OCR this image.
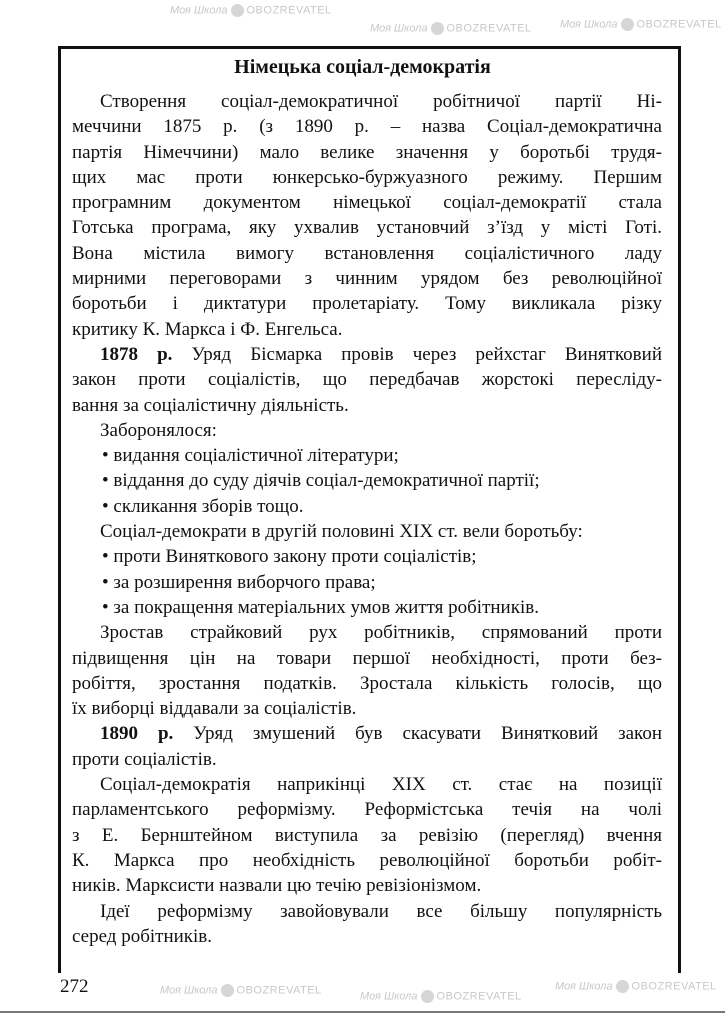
Моя Школа OBOZREVATEL
Моя Школа OBOZREVATEL
Моя Школа OBOZREVATEL
Моя Школа OBOZREVATEL	Моя Школа OBOZREVATEL
Моя Школа OBOZREVATEL
Німецька соціал-демократія
Створення соціал-демократичної робітничої партії Ні-
меччини 1875 р. (з 1890 р. – назва Соціал-демократична
партія Німеччини) мало велике значення у боротьбі трудя-
щих мас проти юнкерсько-буржуазного режиму. Першим
програмним документом німецької соціал-демократії стала
Готська програма, яку ухвалив установчий з’їзд у місті Готі.
Вона містила вимогу встановлення соціалістичного ладу
мирними переговорами з чинним урядом без революційної
боротьби і диктатури пролетаріату. Тому викликала різку
критику К. Маркса і Ф. Енгельса.
1878 р. Уряд Бісмарка провів через рейхстаг Винятковий
закон проти соціалістів, що передбачав жорстокі пересліду-
вання за соціалістичну діяльність.
Заборонялося:
• видання соціалістичної літератури;
• віддання до суду діячів соціал-демократичної партії;
• скликання зборів тощо.
Соціал-демократи в другій половині XIX ст. вели боротьбу:
• проти Виняткового закону проти соціалістів;
• за розширення виборчого права;
• за покращення матеріальних умов життя робітників.
Зростав страйковий рух робітників, спрямований проти
підвищення цін на товари першої необхідності, проти без-
робіття, зростання податків. Зростала кількість голосів, що
їх виборці віддавали за соціалістів.
1890 р. Уряд змушений був скасувати Винятковий закон
проти соціалістів.
Соціал-демократія наприкінці XIX ст. стає на позиції
парламентського реформізму. Реформістська течія на чолі
з Е. Бернштейном виступила за ревізію (перегляд) вчення
К. Маркса про необхідність революційної боротьби робіт-
ників. Марксисти назвали цю течію ревізіонізмом.
Ідеї реформізму завойовували все більшу популярність
серед робітників.
272
